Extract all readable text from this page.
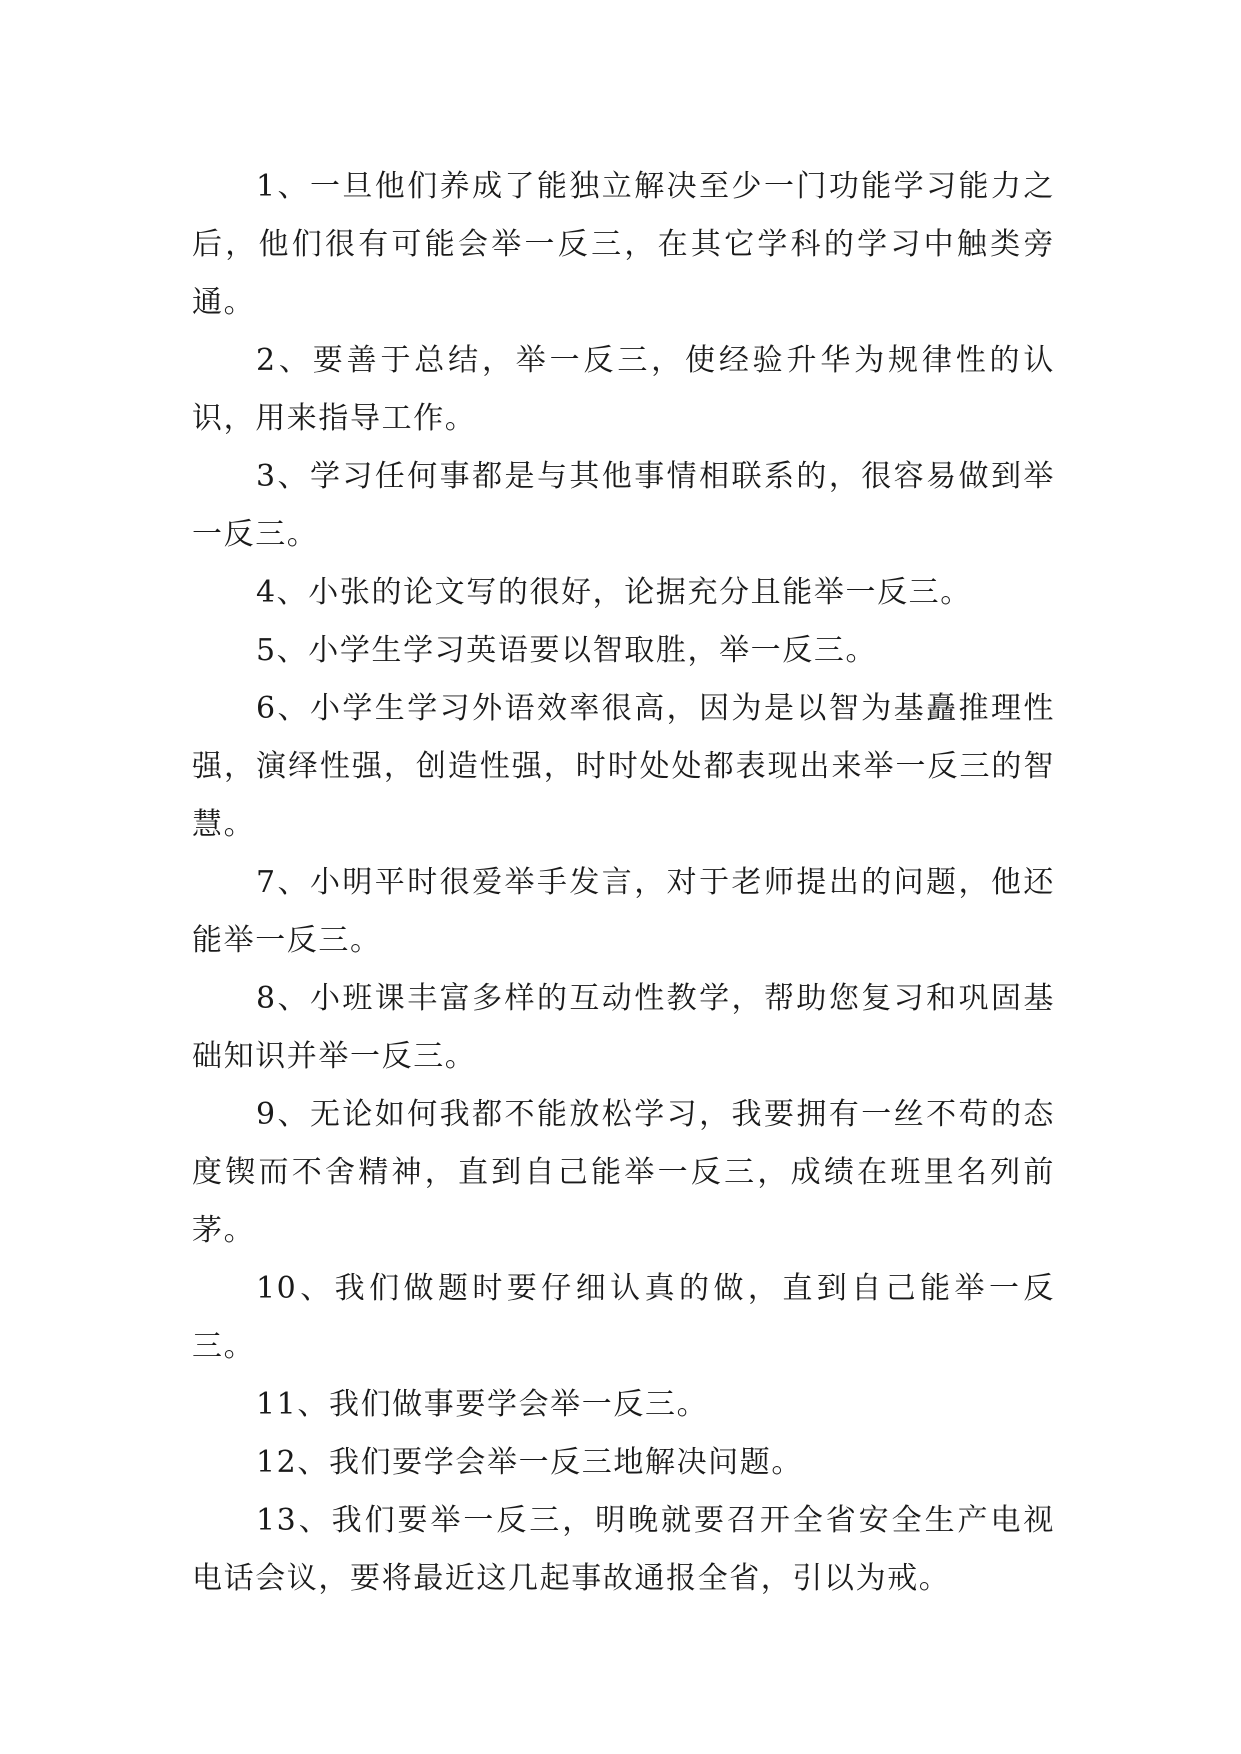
1、一旦他们养成了能独立解决至少一门功能学习能力之后，他们很有可能会举一反三，在其它学科的学习中触类旁通。

2、要善于总结，举一反三，使经验升华为规律性的认识，用来指导工作。

3、学习任何事都是与其他事情相联系的，很容易做到举一反三。

4、小张的论文写的很好，论据充分且能举一反三。

5、小学生学习英语要以智取胜，举一反三。

6、小学生学习外语效率很高，因为是以智为基矗推理性强，演绎性强，创造性强，时时处处都表现出来举一反三的智慧。

7、小明平时很爱举手发言，对于老师提出的问题，他还能举一反三。

8、小班课丰富多样的互动性教学，帮助您复习和巩固基础知识并举一反三。

9、无论如何我都不能放松学习，我要拥有一丝不苟的态度锲而不舍精神，直到自己能举一反三，成绩在班里名列前茅。

10、我们做题时要仔细认真的做，直到自己能举一反三。

11、我们做事要学会举一反三。

12、我们要学会举一反三地解决问题。

13、我们要举一反三，明晚就要召开全省安全生产电视电话会议，要将最近这几起事故通报全省，引以为戒。
